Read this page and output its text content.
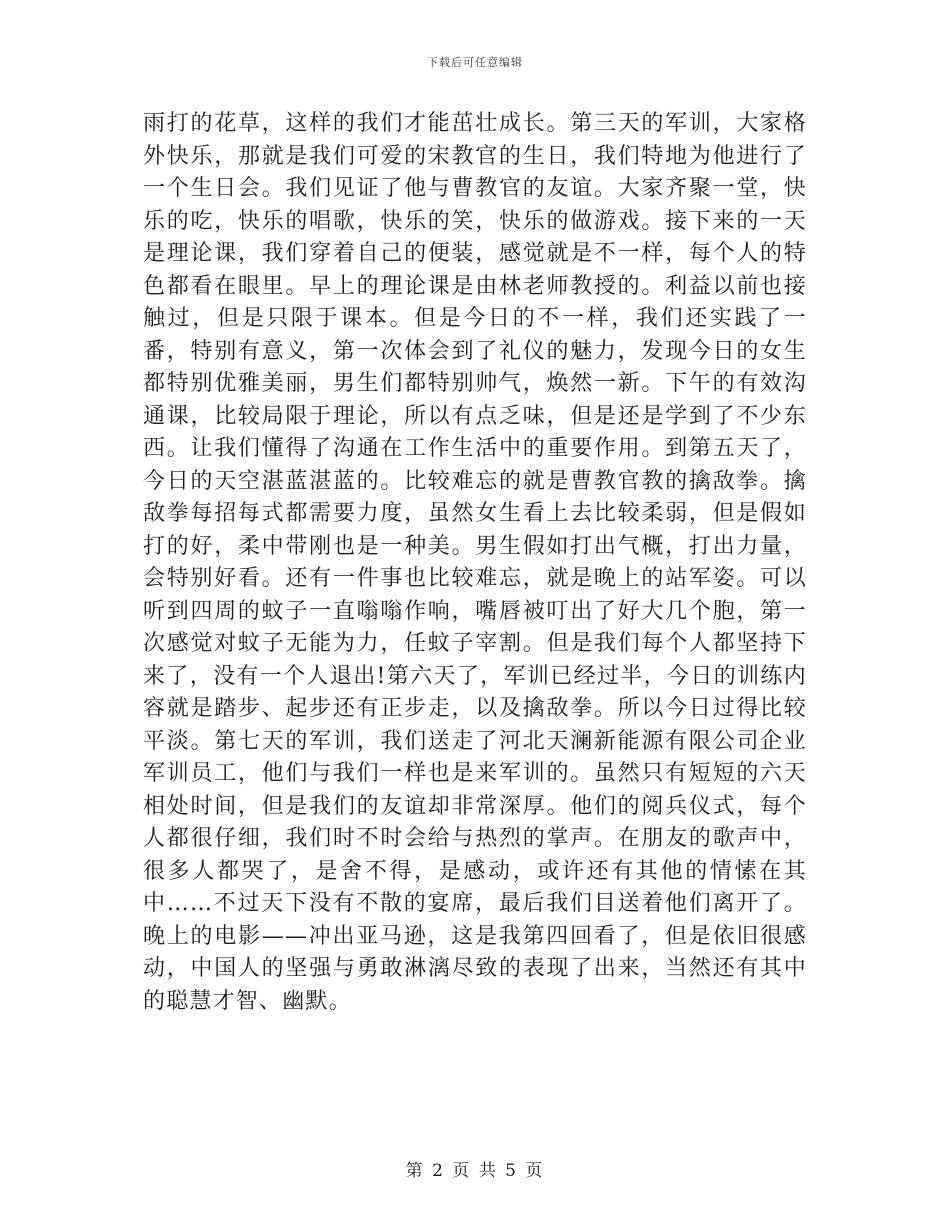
下载后可任意编辑

雨打的花草，这样的我们才能茁壮成长。第三天的军训，大家格外快乐，那就是我们可爱的宋教官的生日，我们特地为他进行了一个生日会。我们见证了他与曹教官的友谊。大家齐聚一堂，快乐的吃，快乐的唱歌，快乐的笑，快乐的做游戏。接下来的一天是理论课，我们穿着自己的便装，感觉就是不一样，每个人的特色都看在眼里。早上的理论课是由林老师教授的。利益以前也接触过，但是只限于课本。但是今日的不一样，我们还实践了一番，特别有意义，第一次体会到了礼仪的魅力，发现今日的女生都特别优雅美丽，男生们都特别帅气，焕然一新。下午的有效沟通课，比较局限于理论，所以有点乏味，但是还是学到了不少东西。让我们懂得了沟通在工作生活中的重要作用。到第五天了，今日的天空湛蓝湛蓝的。比较难忘的就是曹教官教的擒敌拳。擒敌拳每招每式都需要力度，虽然女生看上去比较柔弱，但是假如打的好，柔中带刚也是一种美。男生假如打出气概，打出力量，会特别好看。还有一件事也比较难忘，就是晚上的站军姿。可以听到四周的蚊子一直嗡嗡作响，嘴唇被叮出了好大几个胞，第一次感觉对蚊子无能为力，任蚊子宰割。但是我们每个人都坚持下来了，没有一个人退出!第六天了，军训已经过半，今日的训练内容就是踏步、起步还有正步走，以及擒敌拳。所以今日过得比较平淡。第七天的军训，我们送走了河北天澜新能源有限公司企业军训员工，他们与我们一样也是来军训的。虽然只有短短的六天相处时间，但是我们的友谊却非常深厚。他们的阅兵仪式，每个人都很仔细，我们时不时会给与热烈的掌声。在朋友的歌声中，很多人都哭了，是舍不得，是感动，或许还有其他的情愫在其中……不过天下没有不散的宴席，最后我们目送着他们离开了。晚上的电影——冲出亚马逊，这是我第四回看了，但是依旧很感动，中国人的坚强与勇敢淋漓尽致的表现了出来，当然还有其中的聪慧才智、幽默。

第 2 页 共 5 页
